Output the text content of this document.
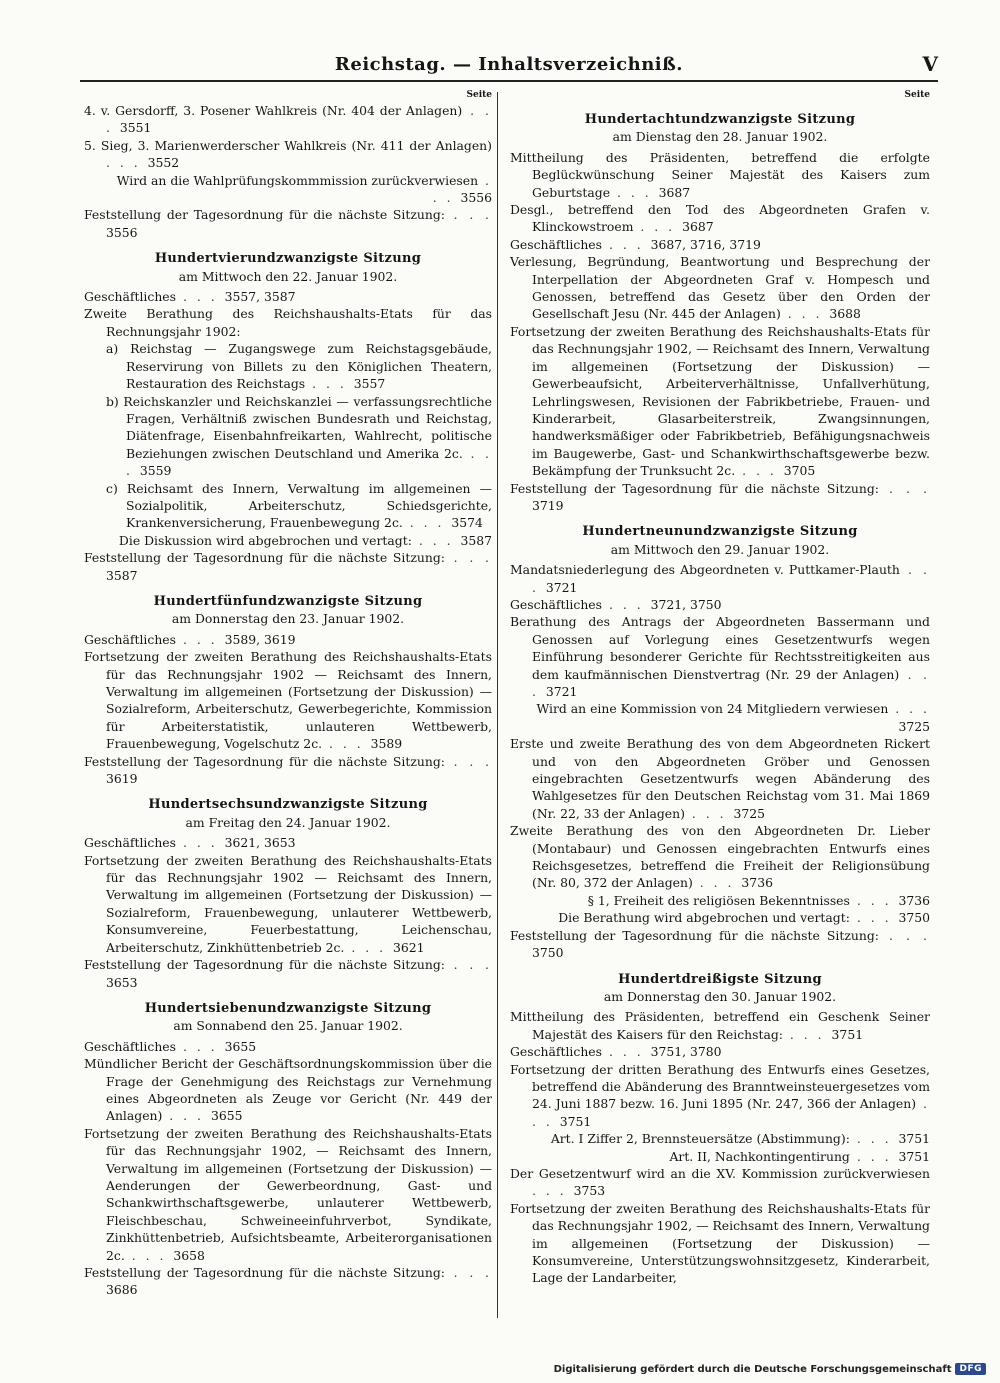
Reichstag. — Inhaltsverzeichniß.	V
Seite
4. v. Gersdorff, 3. Posener Wahlkreis (Nr. 404 der Anlagen) . . . 3551
5. Sieg, 3. Marienwerderscher Wahlkreis (Nr. 411 der Anlagen) . . . 3552
Wird an die Wahlprüfungskommmission zurückverwiesen . . . 3556
Feststellung der Tagesordnung für die nächste Sitzung: . . . 3556
Hundertvierundzwanzigste Sitzung
am Mittwoch den 22. Januar 1902.
Geschäftliches . . . 3557, 3587
Zweite Berathung des Reichshaushalts-Etats für das Rechnungsjahr 1902:
a) Reichstag — Zugangswege zum Reichstagsgebäude, Reservirung von Billets zu den Königlichen Theatern, Restauration des Reichstags . . . 3557
b) Reichskanzler und Reichskanzlei — verfassungsrechtliche Fragen, Verhältniß zwischen Bundesrath und Reichstag, Diätenfrage, Eisenbahnfreikarten, Wahlrecht, politische Beziehungen zwischen Deutschland und Amerika 2c. . . . 3559
c) Reichsamt des Innern, Verwaltung im allgemeinen — Sozialpolitik, Arbeiterschutz, Schiedsgerichte, Krankenversicherung, Frauenbewegung 2c. . . . 3574
Die Diskussion wird abgebrochen und vertagt: . . . 3587
Feststellung der Tagesordnung für die nächste Sitzung: . . . 3587
Hundertfünfundzwanzigste Sitzung
am Donnerstag den 23. Januar 1902.
Geschäftliches . . . 3589, 3619
Fortsetzung der zweiten Berathung des Reichshaushalts-Etats für das Rechnungsjahr 1902 — Reichsamt des Innern, Verwaltung im allgemeinen (Fortsetzung der Diskussion) — Sozialreform, Arbeiterschutz, Gewerbegerichte, Kommission für Arbeiterstatistik, unlauteren Wettbewerb, Frauenbewegung, Vogelschutz 2c. . . . 3589
Feststellung der Tagesordnung für die nächste Sitzung: . . . 3619
Hundertsechsundzwanzigste Sitzung
am Freitag den 24. Januar 1902.
Geschäftliches . . . 3621, 3653
Fortsetzung der zweiten Berathung des Reichshaushalts-Etats für das Rechnungsjahr 1902 — Reichsamt des Innern, Verwaltung im allgemeinen (Fortsetzung der Diskussion) — Sozialreform, Frauenbewegung, unlauterer Wettbewerb, Konsumvereine, Feuerbestattung, Leichenschau, Arbeiterschutz, Zinkhüttenbetrieb 2c. . . . 3621
Feststellung der Tagesordnung für die nächste Sitzung: . . . 3653
Hundertsiebenundzwanzigste Sitzung
am Sonnabend den 25. Januar 1902.
Geschäftliches . . . 3655
Mündlicher Bericht der Geschäftsordnungskommission über die Frage der Genehmigung des Reichstags zur Vernehmung eines Abgeordneten als Zeuge vor Gericht (Nr. 449 der Anlagen) . . . 3655
Fortsetzung der zweiten Berathung des Reichshaushalts-Etats für das Rechnungsjahr 1902, — Reichsamt des Innern, Verwaltung im allgemeinen (Fortsetzung der Diskussion) — Aenderungen der Gewerbeordnung, Gast- und Schankwirthschaftsgewerbe, unlauterer Wettbewerb, Fleischbeschau, Schweineeinfuhrverbot, Syndikate, Zinkhüttenbetrieb, Aufsichtsbeamte, Arbeiterorganisationen 2c. . . . 3658
Feststellung der Tagesordnung für die nächste Sitzung: . . . 3686
Seite
Hundertachtundzwanzigste Sitzung
am Dienstag den 28. Januar 1902.
Mittheilung des Präsidenten, betreffend die erfolgte Beglückwünschung Seiner Majestät des Kaisers zum Geburtstage . . . 3687
Desgl., betreffend den Tod des Abgeordneten Grafen v. Klinckowstroem . . . 3687
Geschäftliches . . . 3687, 3716, 3719
Verlesung, Begründung, Beantwortung und Besprechung der Interpellation der Abgeordneten Graf v. Hompesch und Genossen, betreffend das Gesetz über den Orden der Gesellschaft Jesu (Nr. 445 der Anlagen) . . . 3688
Fortsetzung der zweiten Berathung des Reichshaushalts-Etats für das Rechnungsjahr 1902, — Reichsamt des Innern, Verwaltung im allgemeinen (Fortsetzung der Diskussion) — Gewerbeaufsicht, Arbeiterverhältnisse, Unfallverhütung, Lehrlingswesen, Revisionen der Fabrikbetriebe, Frauen- und Kinderarbeit, Glasarbeiterstreik, Zwangsinnungen, handwerksmäßiger oder Fabrikbetrieb, Befähigungsnachweis im Baugewerbe, Gast- und Schankwirthschaftsgewerbe bezw. Bekämpfung der Trunksucht 2c. . . . 3705
Feststellung der Tagesordnung für die nächste Sitzung: . . . 3719
Hundertneunundzwanzigste Sitzung
am Mittwoch den 29. Januar 1902.
Mandatsniederlegung des Abgeordneten v. Puttkamer-Plauth . . . 3721
Geschäftliches . . . 3721, 3750
Berathung des Antrags der Abgeordneten Bassermann und Genossen auf Vorlegung eines Gesetzentwurfs wegen Einführung besonderer Gerichte für Rechtsstreitigkeiten aus dem kaufmännischen Dienstvertrag (Nr. 29 der Anlagen) . . . 3721
Wird an eine Kommission von 24 Mitgliedern verwiesen . . . 3725
Erste und zweite Berathung des von dem Abgeordneten Rickert und von den Abgeordneten Gröber und Genossen eingebrachten Gesetzentwurfs wegen Abänderung des Wahlgesetzes für den Deutschen Reichstag vom 31. Mai 1869 (Nr. 22, 33 der Anlagen) . . . 3725
Zweite Berathung des von den Abgeordneten Dr. Lieber (Montabaur) und Genossen eingebrachten Entwurfs eines Reichsgesetzes, betreffend die Freiheit der Religionsübung (Nr. 80, 372 der Anlagen) . . . 3736
§ 1, Freiheit des religiösen Bekenntnisses . . . 3736
Die Berathung wird abgebrochen und vertagt: . . . 3750
Feststellung der Tagesordnung für die nächste Sitzung: . . . 3750
Hundertdreißigste Sitzung
am Donnerstag den 30. Januar 1902.
Mittheilung des Präsidenten, betreffend ein Geschenk Seiner Majestät des Kaisers für den Reichstag: . . . 3751
Geschäftliches . . . 3751, 3780
Fortsetzung der dritten Berathung des Entwurfs eines Gesetzes, betreffend die Abänderung des Branntweinsteuergesetzes vom 24. Juni 1887 bezw. 16. Juni 1895 (Nr. 247, 366 der Anlagen) . . . 3751
Art. I Ziffer 2, Brennsteuersätze (Abstimmung): . . . 3751
Art. II, Nachkontingentirung . . . 3751
Der Gesetzentwurf wird an die XV. Kommission zurückverwiesen . . . 3753
Fortsetzung der zweiten Berathung des Reichshaushalts-Etats für das Rechnungsjahr 1902, — Reichsamt des Innern, Verwaltung im allgemeinen (Fortsetzung der Diskussion) — Konsumvereine, Unterstützungswohnsitzgesetz, Kinderarbeit, Lage der Landarbeiter,
Digitalisierung gefördert durch die Deutsche Forschungsgemeinschaft DFG
